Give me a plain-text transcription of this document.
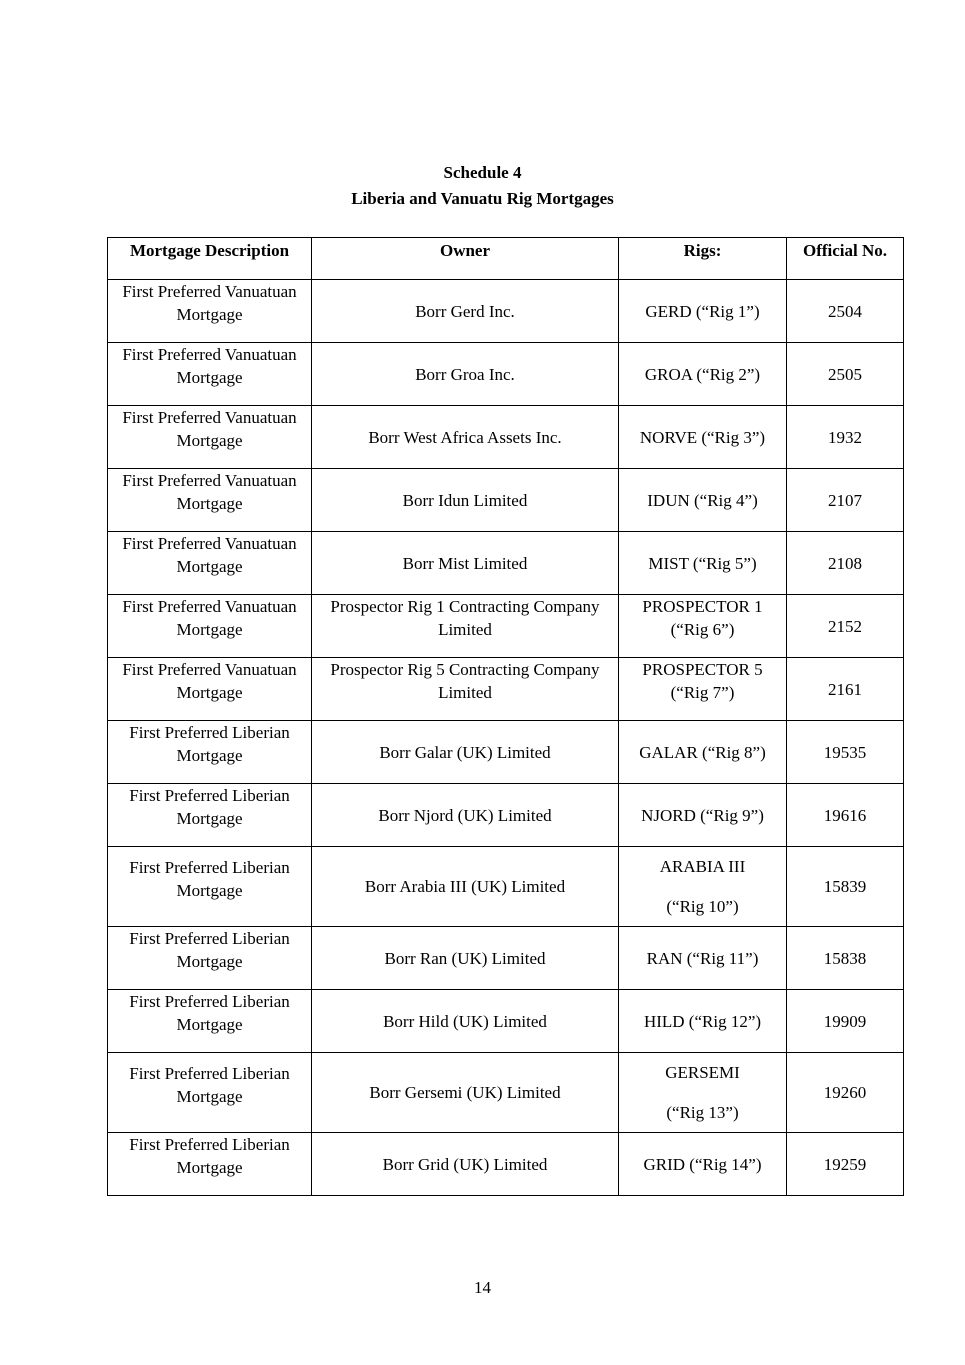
Schedule 4
Liberia and Vanuatu Rig Mortgages
Mortgage Description	Owner	Rigs:	Official No.

First Preferred Vanuatuan Mortgage	Borr Gerd Inc.	GERD (“Rig 1”)	2504

First Preferred Vanuatuan Mortgage	Borr Groa Inc.	GROA (“Rig 2”)	2505

First Preferred Vanuatuan Mortgage	Borr West Africa Assets Inc.	NORVE (“Rig 3”)	1932

First Preferred Vanuatuan Mortgage	Borr Idun Limited	IDUN (“Rig 4”)	2107

First Preferred Vanuatuan Mortgage	Borr Mist Limited	MIST (“Rig 5”)	2108

First Preferred Vanuatuan Mortgage	Prospector Rig 1 Contracting Company Limited	PROSPECTOR 1
(“Rig 6”)	2152

First Preferred Vanuatuan Mortgage	Prospector Rig 5 Contracting Company Limited	PROSPECTOR 5
(“Rig 7”)	2161

First Preferred Liberian Mortgage	Borr Galar (UK) Limited	GALAR (“Rig 8”)	19535

First Preferred Liberian Mortgage	Borr Njord (UK) Limited	NJORD (“Rig 9”)	19616

First Preferred Liberian Mortgage	Borr Arabia III (UK) Limited	ARABIA III
(“Rig 10”)	15839

First Preferred Liberian Mortgage	Borr Ran (UK) Limited	RAN (“Rig 11”)	15838

First Preferred Liberian Mortgage	Borr Hild (UK) Limited	HILD (“Rig 12”)	19909

First Preferred Liberian Mortgage	Borr Gersemi (UK) Limited	GERSEMI
(“Rig 13”)	19260

First Preferred Liberian Mortgage	Borr Grid (UK) Limited	GRID (“Rig 14”)	19259
14
